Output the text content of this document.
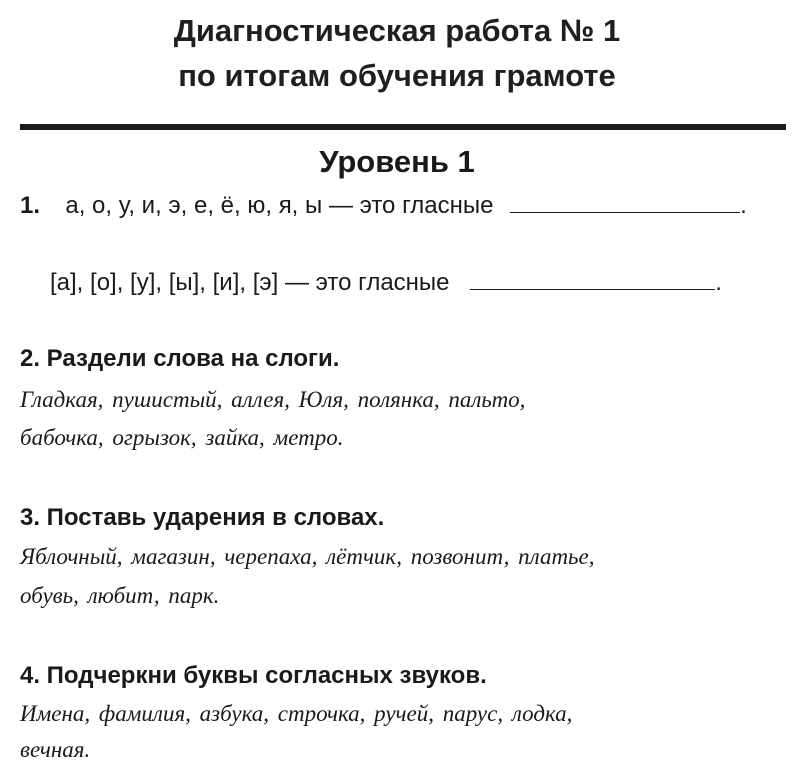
Диагностическая работа № 1
по итогам обучения грамоте
Уровень 1
1. а, о, у, и, э, е, ё, ю, я, ы — это гласные	.
[а], [о], [у], [ы], [и], [э] — это гласные	.
2. Раздели слова на слоги.
Гладкая, пушистый, аллея, Юля, полянка, пальто,
бабочка, огрызок, зайка, метро.
3. Поставь ударения в словах.
Яблочный, магазин, черепаха, лётчик, позвонит, платье,
обувь, любит, парк.
4. Подчеркни буквы согласных звуков.
Имена, фамилия, азбука, строчка, ручей, парус, лодка,
вечная.
